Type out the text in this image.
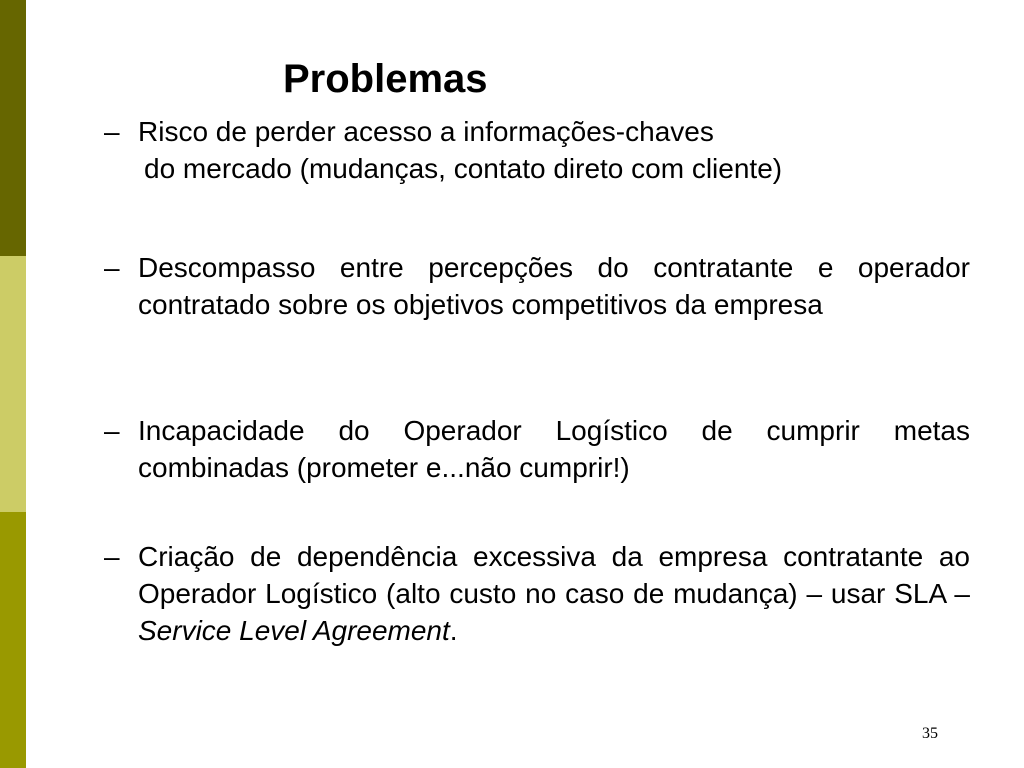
Problemas
– Risco de perder acesso a informações-chaves
do mercado (mudanças, contato direto com cliente)
– Descompasso entre percepções do contratante e operador contratado sobre os objetivos competitivos da empresa
– Incapacidade do Operador Logístico de cumprir metas combinadas (prometer e...não cumprir!)
– Criação de dependência excessiva da empresa contratante ao Operador Logístico (alto custo no caso de mudança) – usar SLA – Service Level Agreement.
35
